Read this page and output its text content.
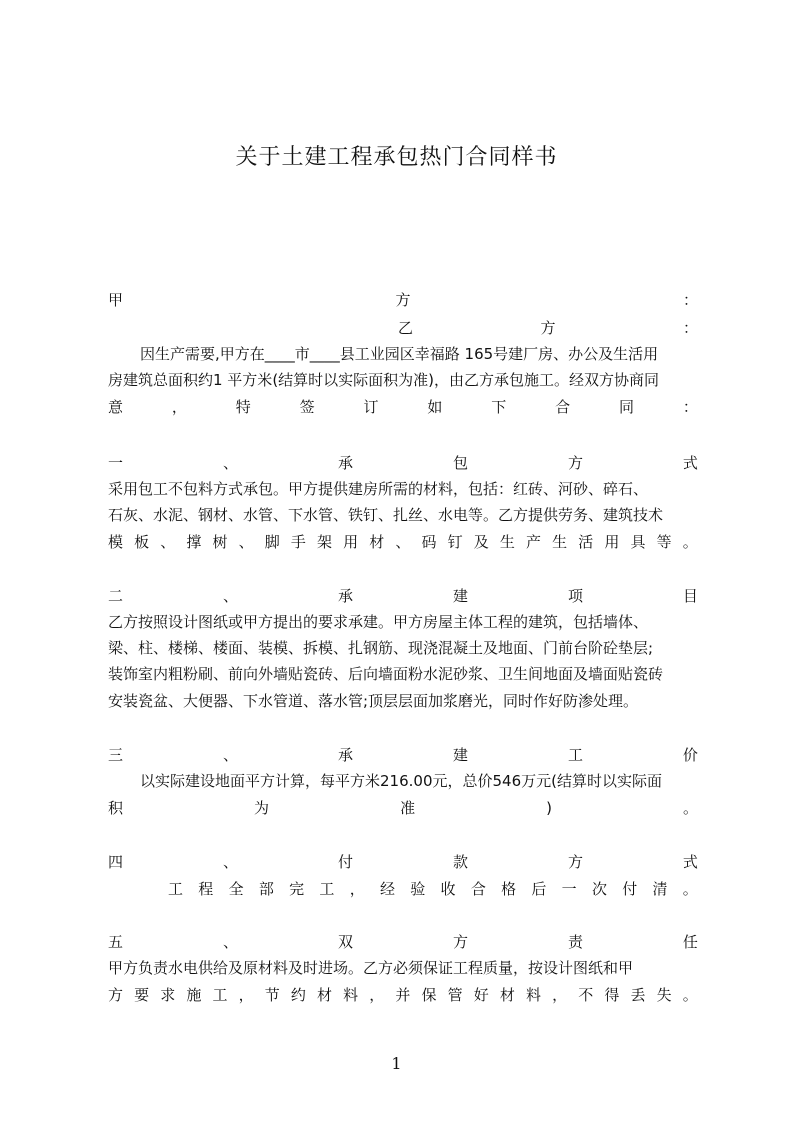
关于土建工程承包热门合同样书
甲	方	：
乙	方	：
因生产需要,甲方在____市____县工业园区幸福路 165号建厂房、办公及生活用
房建筑总面积约1 平方米(结算时以实际面积为准)，由乙方承包施工。经双方协商同
意	，	特	签	订	如	下	合	同	：
一	、	承	包	方	式
采用包工不包料方式承包。甲方提供建房所需的材料，包括：红砖、河砂、碎石、
石灰、水泥、钢材、水管、下水管、铁钉、扎丝、水电等。乙方提供劳务、建筑技术
模 板 、 撑 树 、 脚 手 架 用 材 、 码 钉 及 生 产 生 活 用 具 等 。
二	、	承	建	项	目
乙方按照设计图纸或甲方提出的要求承建。甲方房屋主体工程的建筑，包括墙体、
梁、柱、楼梯、楼面、装模、拆模、扎钢筋、现浇混凝土及地面、门前台阶砼垫层;
装饰室内粗粉刷、前向外墙贴瓷砖、后向墙面粉水泥砂浆、卫生间地面及墙面贴瓷砖
安装瓷盆、大便器、下水管道、落水管;顶层层面加浆磨光，同时作好防渗处理。
三	、	承	建	工	价
以实际建设地面平方计算，每平方米216.00元，总价546万元(结算时以实际面
积	为	准	)	。
四	、	付	款	方	式
工 程 全 部 完 工 ， 经 验 收 合 格 后 一 次 付 清 。
五	、	双	方	责	任
甲方负责水电供给及原材料及时进场。乙方必须保证工程质量，按设计图纸和甲
方 要 求 施 工 ， 节 约 材 料 ， 并 保 管 好 材 料 ， 不 得 丢 失 。
1
